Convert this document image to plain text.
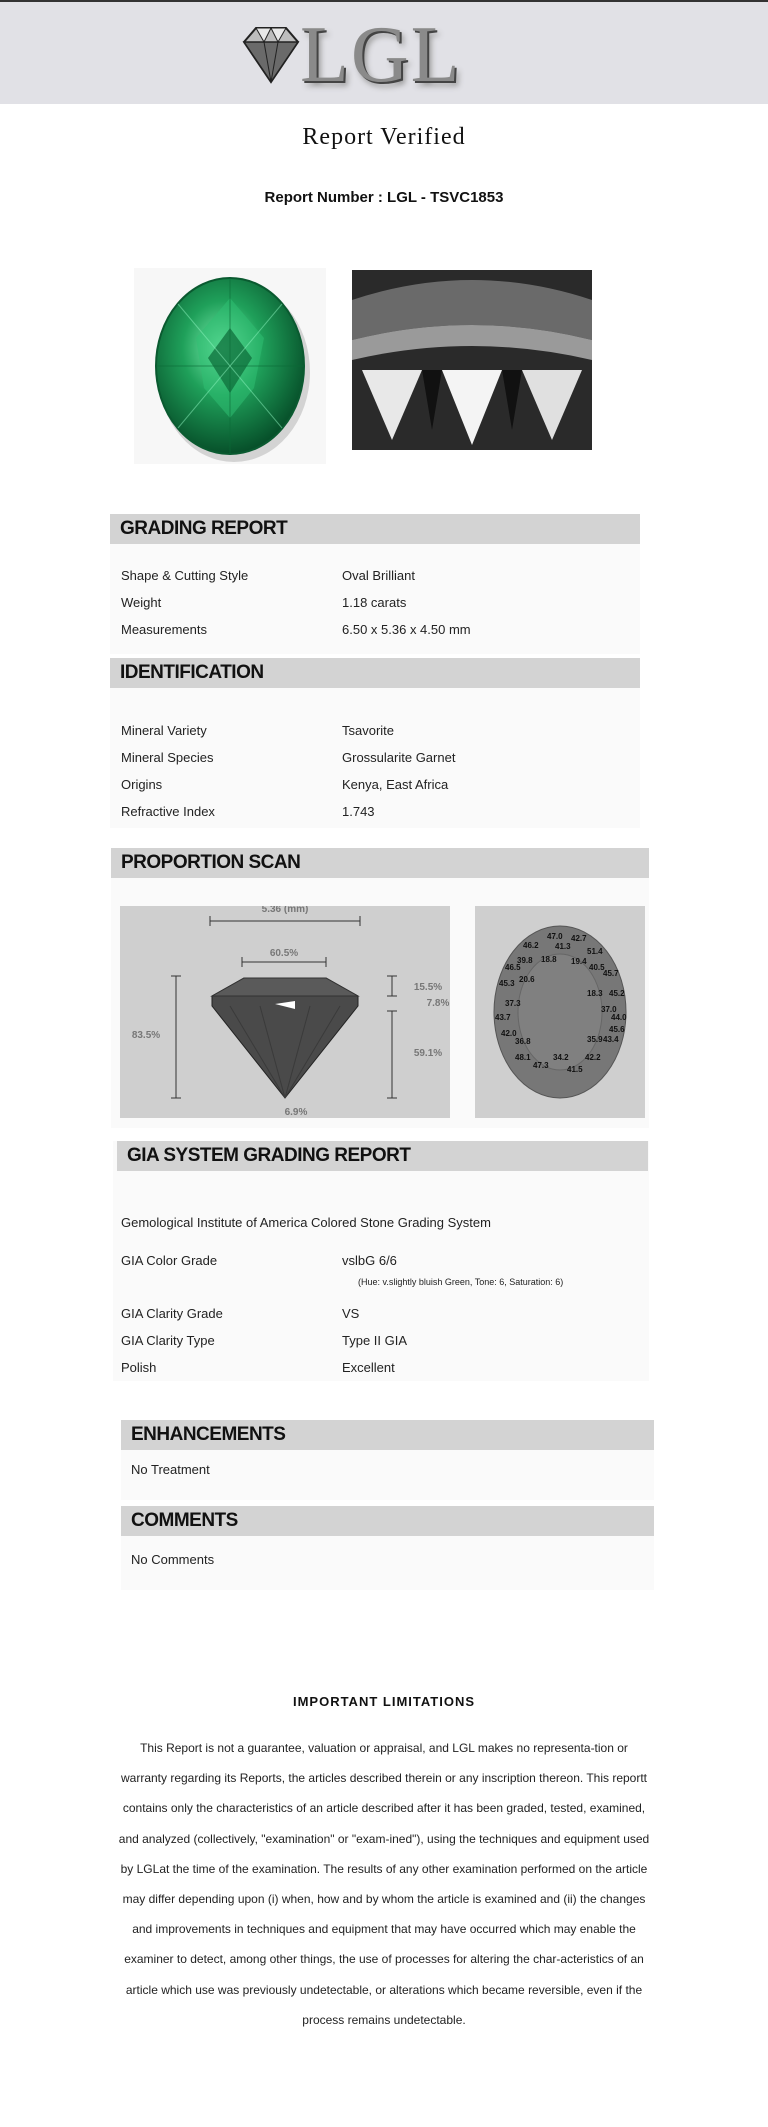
LGL
Report Verified
Report Number : LGL - TSVC1853
GRADING REPORT
Shape & Cutting Style	Oval Brilliant
Weight	1.18 carats
Measurements	6.50 x 5.36 x 4.50 mm
IDENTIFICATION
Mineral Variety	Tsavorite
Mineral Species	Grossularite Garnet
Origins	Kenya, East Africa
Refractive Index	1.743
PROPORTION SCAN
5.36 (mm)
60.5%
83.5%
15.5%
7.8%
59.1%
6.9%
47.0 42.7
46.2 41.3
51.4
39.8 18.8 19.4
46.5	40.5
45.7
45.3 20.6
18.3 45.2
37.3
37.0
43.7	44.0
42.0	45.6
35.9 43.4
36.8
48.1	34.2 42.2
47.3 41.5
GIA SYSTEM GRADING REPORT
Gemological Institute of America Colored Stone Grading System
GIA Color Grade	vslbG 6/6
(Hue: v.slightly bluish Green, Tone: 6, Saturation: 6)
GIA Clarity Grade	VS
GIA Clarity Type	Type II GIA
Polish	Excellent
ENHANCEMENTS
No Treatment
COMMENTS
No Comments
IMPORTANT LIMITATIONS
This Report is not a guarantee, valuation or appraisal, and LGL makes no representa-tion or warranty regarding its Reports, the articles described therein or any inscription thereon. This reportt contains only the characteristics of an article described after it has been graded, tested, examined, and analyzed (collectively, "examination" or "exam-ined"), using the techniques and equipment used by LGLat the time of the examination. The results of any other examination performed on the article may differ depending upon (i) when, how and by whom the article is examined and (ii) the changes and improvements in techniques and equipment that may have occurred which may enable the examiner to detect, among other things, the use of processes for altering the char-acteristics of an article which use was previously undetectable, or alterations which became reversible, even if the process remains undetectable.
